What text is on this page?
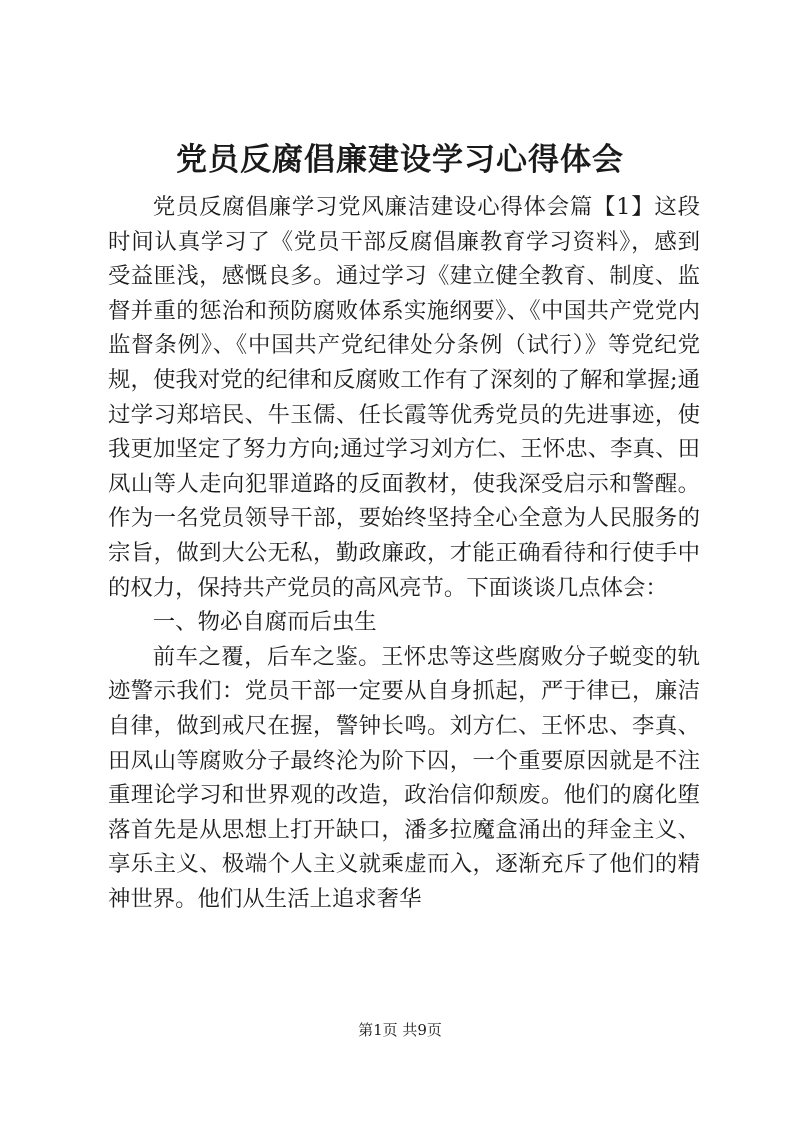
党员反腐倡廉建设学习心得体会

党员反腐倡廉学习党风廉洁建设心得体会篇【1】这段时间认真学习了《党员干部反腐倡廉教育学习资料》，感到受益匪浅，感慨良多。通过学习《建立健全教育、制度、监督并重的惩治和预防腐败体系实施纲要》、《中国共产党党内监督条例》、《中国共产党纪律处分条例（试行）》等党纪党规，使我对党的纪律和反腐败工作有了深刻的了解和掌握;通过学习郑培民、牛玉儒、任长霞等优秀党员的先进事迹，使我更加坚定了努力方向;通过学习刘方仁、王怀忠、李真、田凤山等人走向犯罪道路的反面教材，使我深受启示和警醒。作为一名党员领导干部，要始终坚持全心全意为人民服务的宗旨，做到大公无私，勤政廉政，才能正确看待和行使手中的权力，保持共产党员的高风亮节。下面谈谈几点体会：

一、物必自腐而后虫生

前车之覆，后车之鉴。王怀忠等这些腐败分子蜕变的轨迹警示我们：党员干部一定要从自身抓起，严于律已，廉洁自律，做到戒尺在握，警钟长鸣。刘方仁、王怀忠、李真、田凤山等腐败分子最终沦为阶下囚，一个重要原因就是不注重理论学习和世界观的改造，政治信仰颓废。他们的腐化堕落首先是从思想上打开缺口，潘多拉魔盒涌出的拜金主义、享乐主义、极端个人主义就乘虚而入，逐渐充斥了他们的精神世界。他们从生活上追求奢华

第1页 共9页
